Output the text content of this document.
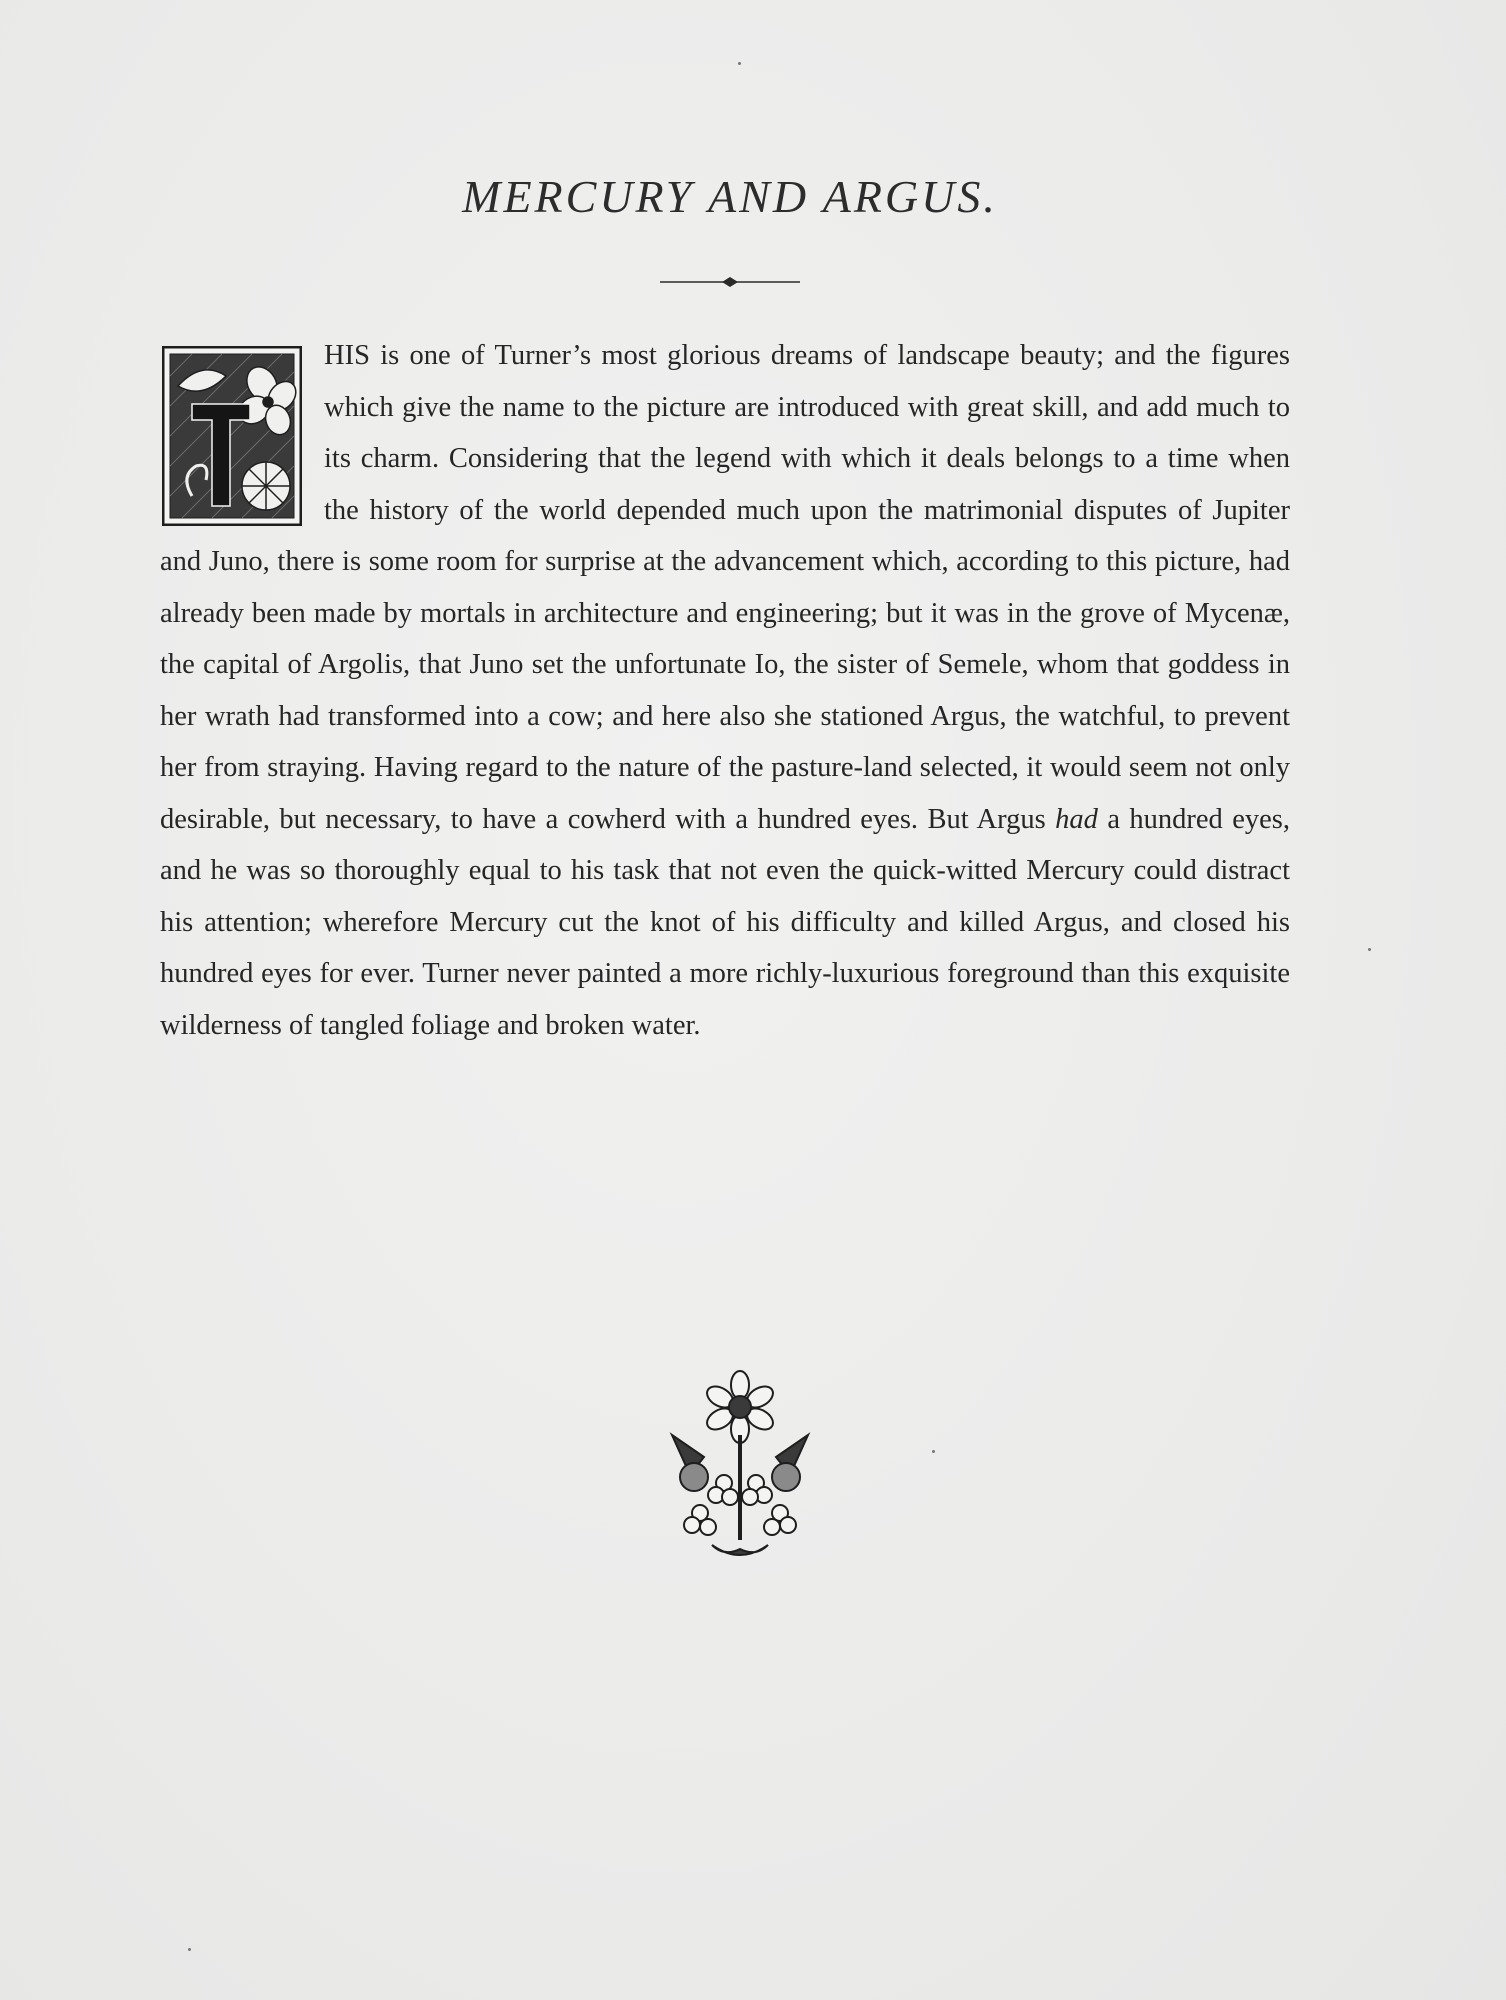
MERCURY AND ARGUS.

HIS is one of Turner’s most glorious dreams of landscape beauty; and the figures which give the name to the picture are introduced with great skill, and add much to its charm. Considering that the legend with which it deals belongs to a time when the history of the world depended much upon the matrimonial disputes of Jupiter and Juno, there is some room for surprise at the advancement which, according to this picture, had already been made by mortals in architecture and engineering; but it was in the grove of Mycenæ, the capital of Argolis, that Juno set the unfortunate Io, the sister of Semele, whom that goddess in her wrath had transformed into a cow; and here also she stationed Argus, the watchful, to prevent her from straying. Having regard to the nature of the pasture-land selected, it would seem not only desirable, but necessary, to have a cowherd with a hundred eyes. But Argus had a hundred eyes, and he was so thoroughly equal to his task that not even the quick-witted Mercury could distract his attention; wherefore Mercury cut the knot of his difficulty and killed Argus, and closed his hundred eyes for ever. Turner never painted a more richly-luxurious foreground than this exquisite wilderness of tangled foliage and broken water.
